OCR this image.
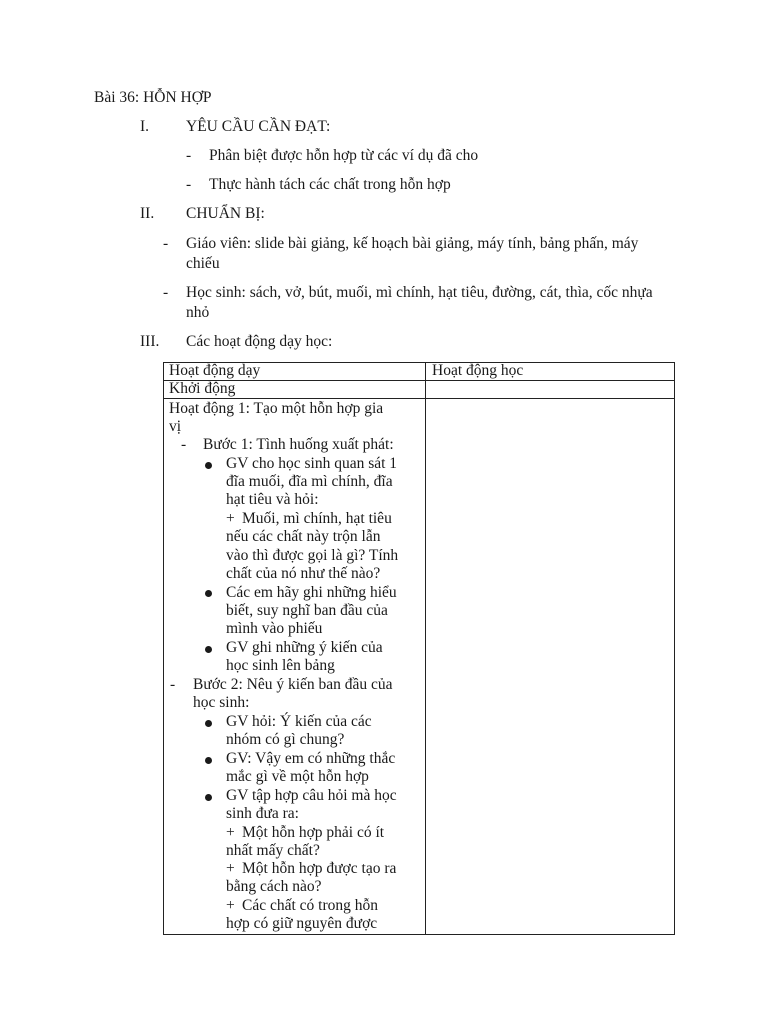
Bài 36: HỖN HỢP
I. YÊU CẦU CẦN ĐẠT:
- Phân biệt được hỗn hợp từ các ví dụ đã cho
- Thực hành tách các chất trong hỗn hợp
II. CHUẨN BỊ:
- Giáo viên: slide bài giảng, kế hoạch bài giảng, máy tính, bảng phấn, máy chiếu
- Học sinh: sách, vở, bút, muối, mì chính, hạt tiêu, đường, cát, thìa, cốc nhựa nhỏ
III. Các hoạt động dạy học:
Hoạt động dạy	Hoạt động học
Khởi động
Hoạt động 1: Tạo một hỗn hợp gia
vị
- Bước 1: Tình huống xuất phát:
GV cho học sinh quan sát 1
đĩa muối, đĩa mì chính, đĩa
hạt tiêu và hỏi:
+ Muối, mì chính, hạt tiêu
nếu các chất này trộn lẫn
vào thì được gọi là gì? Tính
chất của nó như thế nào?
Các em hãy ghi những hiểu
biết, suy nghĩ ban đầu của
mình vào phiếu
GV ghi những ý kiến của
học sinh lên bảng
- Bước 2: Nêu ý kiến ban đầu của
học sinh:
GV hỏi: Ý kiến của các
nhóm có gì chung?
GV: Vậy em có những thắc
mắc gì về một hỗn hợp
GV tập hợp câu hỏi mà học
sinh đưa ra:
+ Một hỗn hợp phải có ít
nhất mấy chất?
+ Một hỗn hợp được tạo ra
bằng cách nào?
+ Các chất có trong hỗn
hợp có giữ nguyên được
